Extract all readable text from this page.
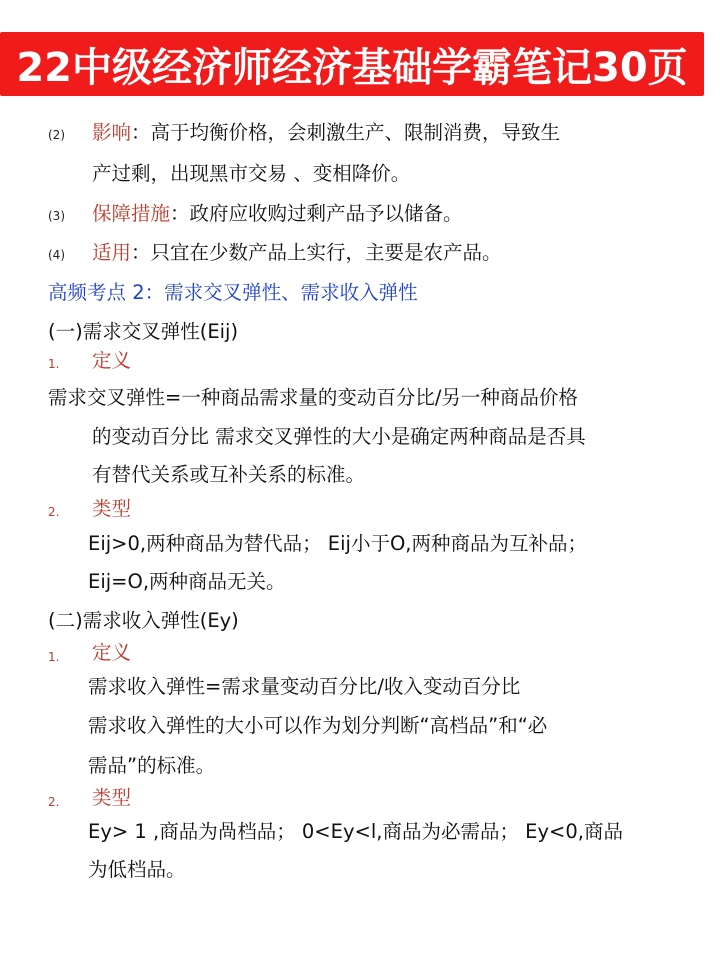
22中级经济师经济基础学霸笔记30页
(2) 影响：高于均衡价格，会刺激生产、限制消费，导致生
产过剩，出现黑市交易 、变相降价。
(3) 保障措施：政府应收购过剩产品予以储备。
(4) 适用：只宜在少数产品上实行，主要是农产品。
高频考点 2：需求交叉弹性、需求收入弹性
(一)需求交叉弹性(Eij)
1. 定义
需求交叉弹性=一种商品需求量的变动百分比/另一种商品价格
的变动百分比 需求交叉弹性的大小是确定两种商品是否具
有替代关系或互补关系的标准。
2. 类型
Eij>0,两种商品为替代品； Eij小于O,两种商品为互补品；
Eij=O,两种商品无关。
(二)需求收入弹性(Ey)
1. 定义
需求收入弹性=需求量变动百分比/收入变动百分比
需求收入弹性的大小可以作为划分判断“高档品”和“必
需品”的标准。
2. 类型
Ey> 1 ,商品为咼档品； 0<Ey<l,商品为必需品； Ey<0,商品
为低档品。
